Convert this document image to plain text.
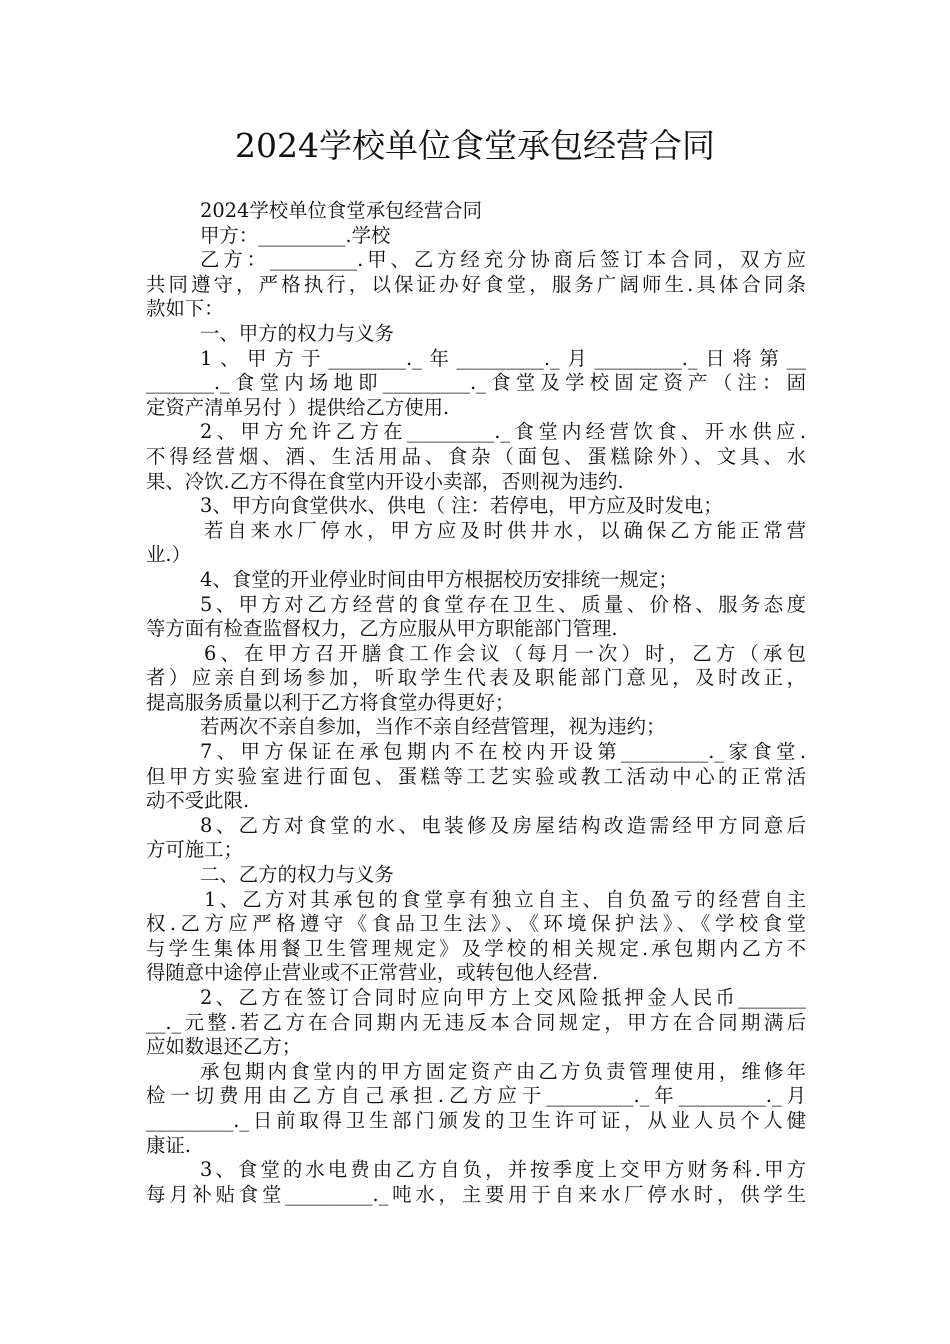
2024学校单位食堂承包经营合同
2024学校单位食堂承包经营合同
甲方：_________.学校
乙方：_________.甲、乙方经充分协商后签订本合同，双方应
共同遵守，严格执行，以保证办好食堂，服务广阔师生.具体合同条
款如下：
一、甲方的权力与义务
1、甲方于________._年_________._月_________._日将第__
_______._食堂内场地即_________._食堂及学校固定资产（注：固
定资产清单另付 ）提供给乙方使用.
2、甲方允许乙方在_________._食堂内经营饮食、开水供应.
不得经营烟、酒、生活用品、食杂（面包、蛋糕除外）、文具、水
果、冷饮.乙方不得在食堂内开设小卖部，否则视为违约.
3、甲方向食堂供水、供电（ 注：若停电，甲方应及时发电；
若自来水厂停水，甲方应及时供井水，以确保乙方能正常营
业.）
4、食堂的开业停业时间由甲方根据校历安排统一规定；
5、甲方对乙方经营的食堂存在卫生、质量、价格、服务态度
等方面有检查监督权力，乙方应服从甲方职能部门管理.
6、在甲方召开膳食工作会议（每月一次）时，乙方（承包
者）应亲自到场参加，听取学生代表及职能部门意见，及时改正，
提高服务质量以利于乙方将食堂办得更好；
若两次不亲自参加，当作不亲自经营管理，视为违约；
7、甲方保证在承包期内不在校内开设第_________._家食堂.
但甲方实验室进行面包、蛋糕等工艺实验或教工活动中心的正常活
动不受此限.
8、乙方对食堂的水、电装修及房屋结构改造需经甲方同意后
方可施工；
二、乙方的权力与义务
1、乙方对其承包的食堂享有独立自主、自负盈亏的经营自主
权.乙方应严格遵守《食品卫生法》、《环境保护法》、《学校食堂
与学生集体用餐卫生管理规定》及学校的相关规定.承包期内乙方不
得随意中途停止营业或不正常营业，或转包他人经营.
2、乙方在签订合同时应向甲方上交风险抵押金人民币_______
__._元整.若乙方在合同期内无违反本合同规定，甲方在合同期满后
应如数退还乙方；
承包期内食堂内的甲方固定资产由乙方负责管理使用，维修年
检一切费用由乙方自己承担.乙方应于_________._年_________._月
_________._日前取得卫生部门颁发的卫生许可证，从业人员个人健
康证.
3、食堂的水电费由乙方自负，并按季度上交甲方财务科.甲方
每月补贴食堂_________._吨水，主要用于自来水厂停水时，供学生
